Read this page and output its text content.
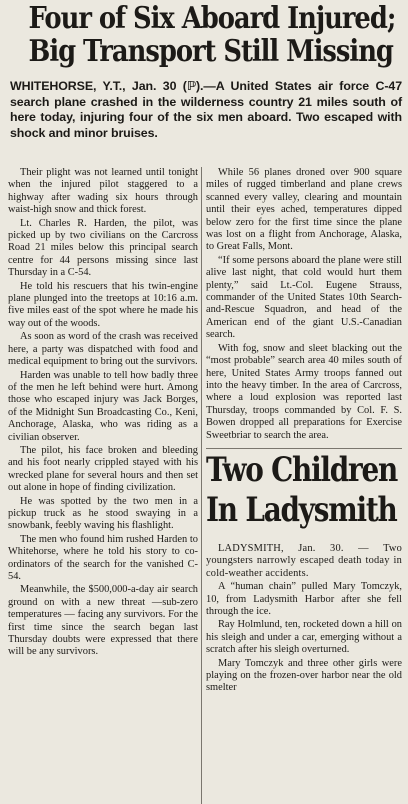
Four of Six Aboard Injured;
Big Transport Still Missing
WHITEHORSE, Y.T., Jan. 30 (ℙ).—A United States air force C-47 search plane crashed in the wilderness country 21 miles south of here today, injuring four of the six men aboard. Two escaped with shock and minor bruises.

Their plight was not learned until tonight when the injured pilot staggered to a highway after wading six hours through waist-high snow and thick forest.

Lt. Charles R. Harden, the pilot, was picked up by two civilians on the Carcross Road 21 miles below this principal search centre for 44 persons missing since last Thursday in a C-54.

He told his rescuers that his twin-engine plane plunged into the treetops at 10:16 a.m. five miles east of the spot where he made his way out of the woods.

As soon as word of the crash was received here, a party was dispatched with food and medical equipment to bring out the survivors.

Harden was unable to tell how badly three of the men he left behind were hurt. Among those who escaped injury was Jack Borges, of the Midnight Sun Broadcasting Co., Keni, Anchorage, Alaska, who was riding as a civilian observer.

The pilot, his face broken and bleeding and his foot nearly crippled stayed with his wrecked plane for several hours and then set out alone in hope of finding civilization.

He was spotted by the two men in a pickup truck as he stood swaying in a snowbank, feebly waving his flashlight.

The men who found him rushed Harden to Whitehorse, where he told his story to co-ordinators of the search for the vanished C-54.

Meanwhile, the $500,000-a-day air search ground on with a new threat —sub-zero temperatures — facing any survivors. For the first time since the search began last Thursday doubts were expressed that there will be any survivors.

While 56 planes droned over 900 square miles of rugged timberland and plane crews scanned every valley, clearing and mountain until their eyes ached, temperatures dipped below zero for the first time since the plane was lost on a flight from Anchorage, Alaska, to Great Falls, Mont.

“If some persons aboard the plane were still alive last night, that cold would hurt them plenty,” said Lt.-Col. Eugene Strauss, commander of the United States 10th Search-and-Rescue Squadron, and head of the American end of the giant U.S.-Canadian search.

With fog, snow and sleet blacking out the “most probable” search area 40 miles south of here, United States Army troops fanned out into the heavy timber. In the area of Carcross, where a loud explosion was reported last Thursday, troops commanded by Col. F. S. Bowen dropped all preparations for Exercise Sweetbriar to search the area.

Two Children
In Ladysmith

LADYSMITH, Jan. 30. — Two youngsters narrowly escaped death today in cold-weather accidents.

A “human chain” pulled Mary Tomczyk, 10, from Ladysmith Harbor after she fell through the ice.

Ray Holmlund, ten, rocketed down a hill on his sleigh and under a car, emerging without a scratch after his sleigh overturned.

Mary Tomczyk and three other girls were playing on the frozen-over harbor near the old smelter
